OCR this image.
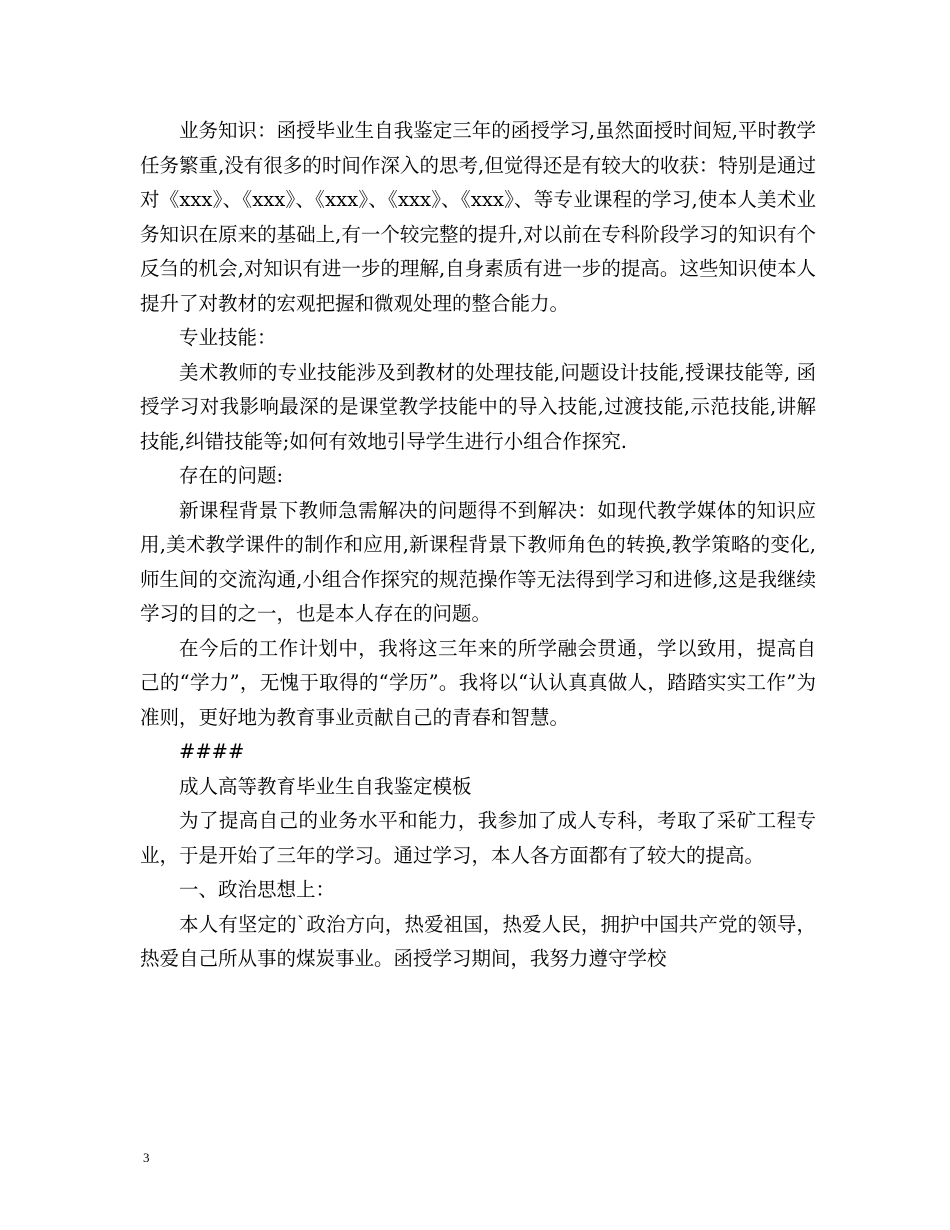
业务知识：函授毕业生自我鉴定三年的函授学习,虽然面授时间短,平时教学任务繁重,没有很多的时间作深入的思考,但觉得还是有较大的收获：特别是通过对《xxx》、《xxx》、《xxx》、《xxx》、《xxx》、等专业课程的学习,使本人美术业务知识在原来的基础上,有一个较完整的提升,对以前在专科阶段学习的知识有个反刍的机会,对知识有进一步的理解,自身素质有进一步的提高。这些知识使本人提升了对教材的宏观把握和微观处理的整合能力。

专业技能：

美术教师的专业技能涉及到教材的处理技能,问题设计技能,授课技能等, 函授学习对我影响最深的是课堂教学技能中的导入技能,过渡技能,示范技能,讲解技能,纠错技能等;如何有效地引导学生进行小组合作探究.

存在的问题:

新课程背景下教师急需解决的问题得不到解决：如现代教学媒体的知识应用,美术教学课件的制作和应用,新课程背景下教师角色的转换,教学策略的变化,师生间的交流沟通,小组合作探究的规范操作等无法得到学习和进修,这是我继续学习的目的之一，也是本人存在的问题。

在今后的工作计划中，我将这三年来的所学融会贯通，学以致用，提高自己的“学力”，无愧于取得的“学历”。我将以“认认真真做人，踏踏实实工作”为准则，更好地为教育事业贡献自己的青春和智慧。

####

成人高等教育毕业生自我鉴定模板

为了提高自己的业务水平和能力，我参加了成人专科，考取了采矿工程专业，于是开始了三年的学习。通过学习，本人各方面都有了较大的提高。

一、政治思想上：

本人有坚定的`政治方向，热爱祖国，热爱人民，拥护中国共产党的领导，热爱自己所从事的煤炭事业。函授学习期间，我努力遵守学校

3
